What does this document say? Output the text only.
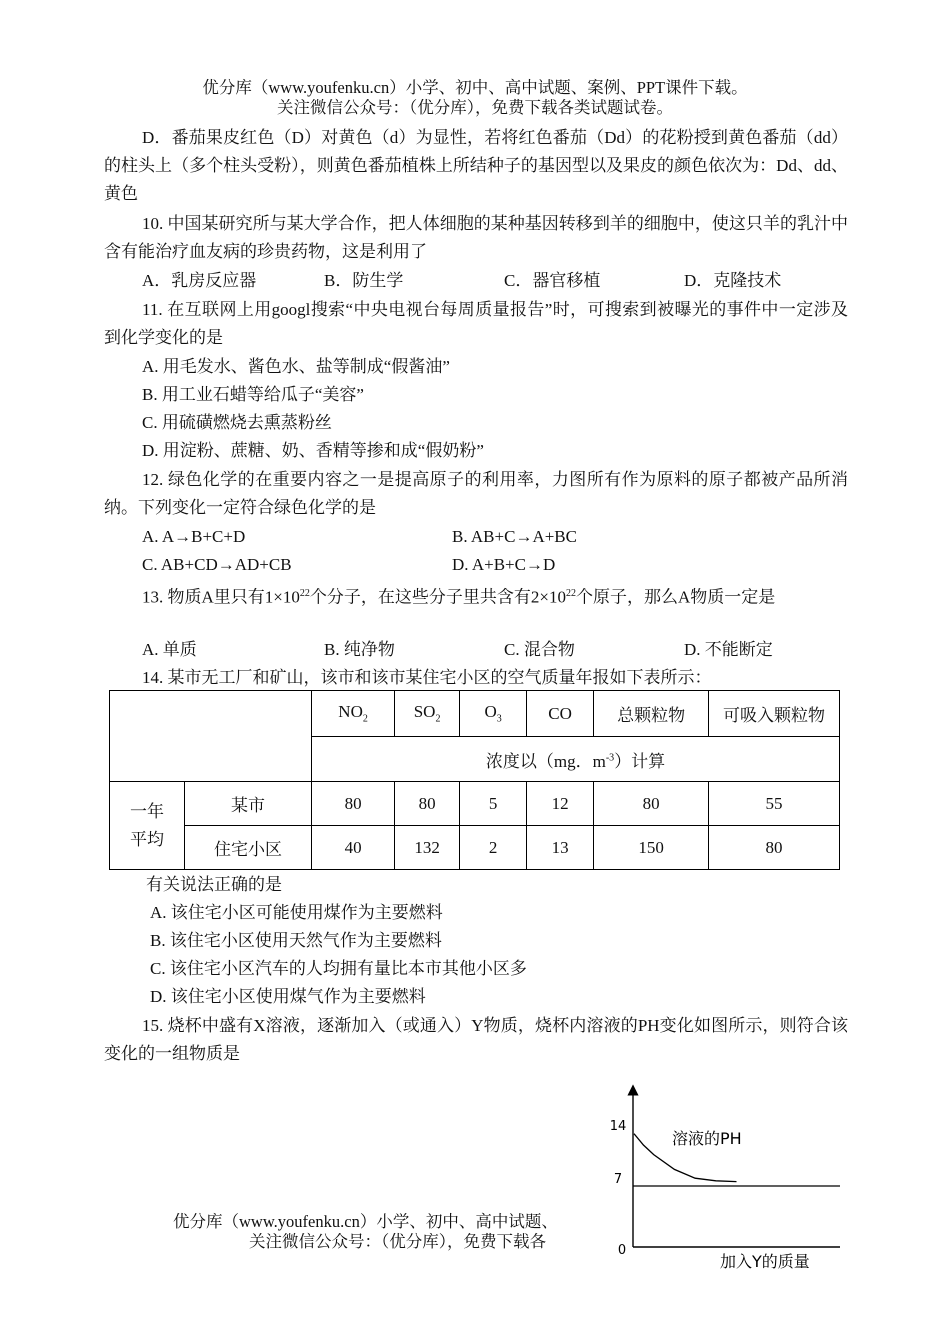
优分库（www.youfenku.cn）小学、初中、高中试题、案例、PPT课件下载。
关注微信公众号：（优分库），免费下载各类试题试卷。
D．番茄果皮红色（D）对黄色（d）为显性，若将红色番茄（Dd）的花粉授到黄色番茄（dd）的柱头上（多个柱头受粉），则黄色番茄植株上所结种子的基因型以及果皮的颜色依次为：Dd、dd、黄色
10. 中国某研究所与某大学合作，把人体细胞的某种基因转移到羊的细胞中，使这只羊的乳汁中含有能治疗血友病的珍贵药物，这是利用了
A．乳房反应器	B．防生学	C．器官移植	D．克隆技术
11. 在互联网上用googl搜索“中央电视台每周质量报告”时，可搜索到被曝光的事件中一定涉及到化学变化的是
A. 用毛发水、酱色水、盐等制成“假酱油”
B. 用工业石蜡等给瓜子“美容”
C. 用硫磺燃烧去熏蒸粉丝
D. 用淀粉、蔗糖、奶、香精等掺和成“假奶粉”
12. 绿色化学的在重要内容之一是提高原子的利用率，力图所有作为原料的原子都被产品所消纳。下列变化一定符合绿色化学的是
A. A→B+C+D	B. AB+C→A+BC
C. AB+CD→AD+CB	D. A+B+C→D
13. 物质A里只有$1\times 10^{22}$个分子，在这些分子里共含有$2\times 10^{22}$个原子，那么A物质一定是
A. 单质	B. 纯净物	C. 混合物	D. 不能断定
14. 某市无工厂和矿山，该市和该市某住宅小区的空气质量年报如下表所示：
		$NO_2$	$SO_2$	$O_3$	CO	总颗粒物	可吸入颗粒物
		浓度以（mg．$m^{-3}$）计算					

一年平均	某市	80	80	5	12	80	55
	住宅小区	40	132	2	13	150	80
有关说法正确的是
A. 该住宅小区可能使用煤作为主要燃料
B. 该住宅小区使用天然气作为主要燃料
C. 该住宅小区汽车的人均拥有量比本市其他小区多
D. 该住宅小区使用煤气作为主要燃料
15. 烧杯中盛有X溶液，逐渐加入（或通入）Y物质，烧杯内溶液的PH变化如图所示，则符合该变化的一组物质是
14
7
0
溶液的PH
加入Y的质量
优分库（www.youfenku.cn）小学、初中、高中试题、
关注微信公众号：（优分库），免费下载各
